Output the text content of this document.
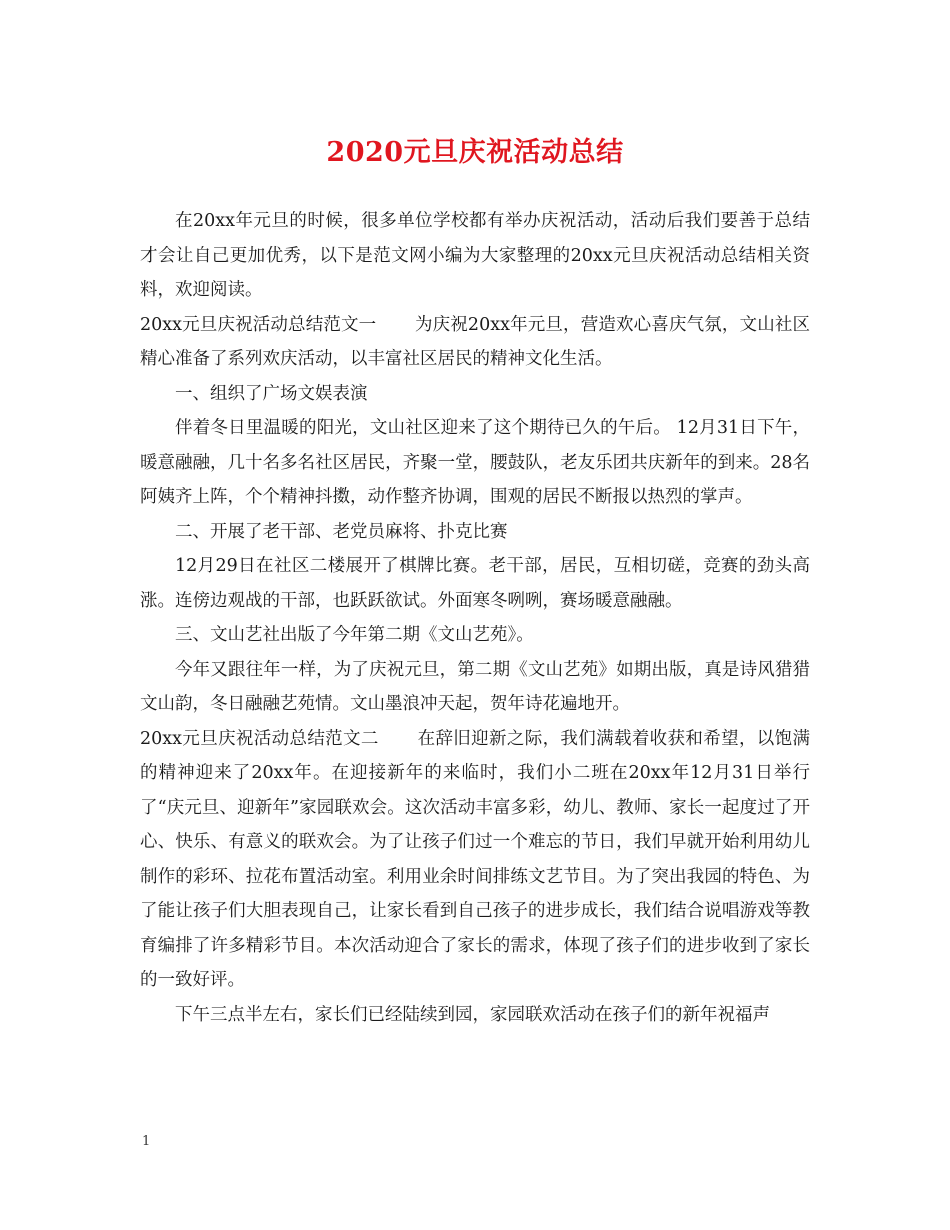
2020元旦庆祝活动总结

在20xx年元旦的时候，很多单位学校都有举办庆祝活动，活动后我们要善于总结才会让自己更加优秀，以下是范文网小编为大家整理的20xx元旦庆祝活动总结相关资料，欢迎阅读。

20xx元旦庆祝活动总结范文一 为庆祝20xx年元旦，营造欢心喜庆气氛，文山社区精心准备了系列欢庆活动，以丰富社区居民的精神文化生活。

一、组织了广场文娱表演

伴着冬日里温暖的阳光，文山社区迎来了这个期待已久的午后。 12月31日下午，暖意融融，几十名多名社区居民，齐聚一堂，腰鼓队，老友乐团共庆新年的到来。28名阿姨齐上阵，个个精神抖擞，动作整齐协调，围观的居民不断报以热烈的掌声。

二、开展了老干部、老党员麻将、扑克比赛

12月29日在社区二楼展开了棋牌比赛。老干部，居民，互相切磋，竞赛的劲头高涨。连傍边观战的干部，也跃跃欲试。外面寒冬咧咧，赛场暖意融融。

三、文山艺社出版了今年第二期《文山艺苑》。

今年又跟往年一样，为了庆祝元旦，第二期《文山艺苑》如期出版，真是诗风猎猎文山韵，冬日融融艺苑情。文山墨浪冲天起，贺年诗花遍地开。

20xx元旦庆祝活动总结范文二 在辞旧迎新之际，我们满载着收获和希望，以饱满的精神迎来了20xx年。在迎接新年的来临时，我们小二班在20xx年12月31日举行了“庆元旦、迎新年”家园联欢会。这次活动丰富多彩，幼儿、教师、家长一起度过了开心、快乐、有意义的联欢会。为了让孩子们过一个难忘的节日，我们早就开始利用幼儿制作的彩环、拉花布置活动室。利用业余时间排练文艺节目。为了突出我园的特色、为了能让孩子们大胆表现自己，让家长看到自己孩子的进步成长，我们结合说唱游戏等教育编排了许多精彩节目。本次活动迎合了家长的需求，体现了孩子们的进步收到了家长的一致好评。

下午三点半左右，家长们已经陆续到园，家园联欢活动在孩子们的新年祝福声

1
